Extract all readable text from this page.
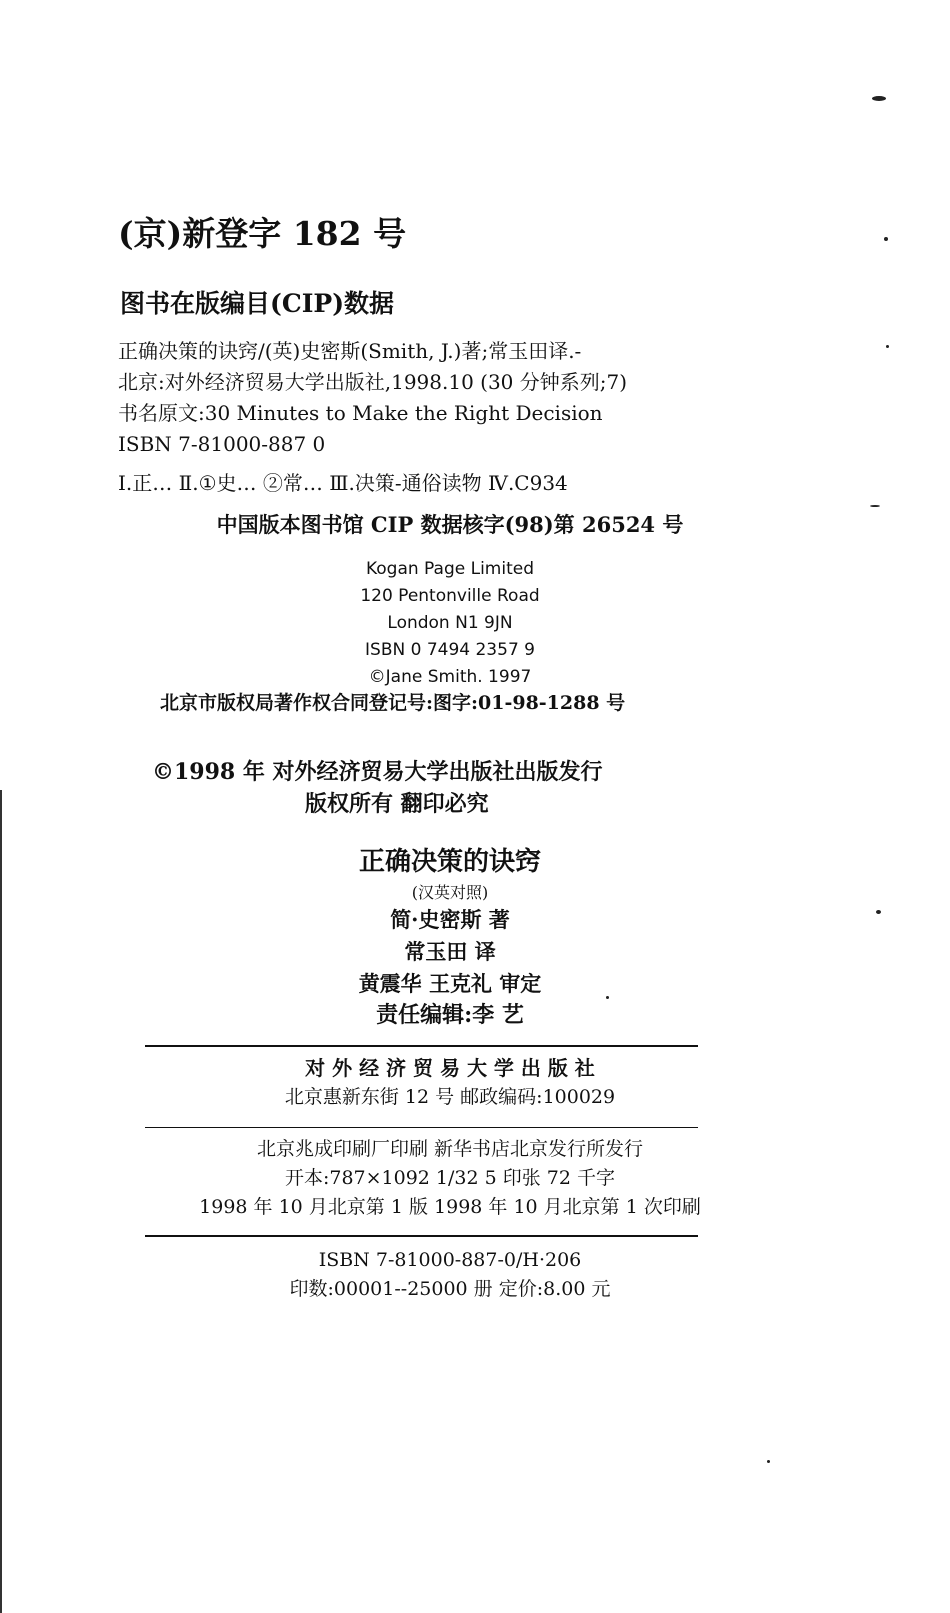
(京)新登字 182 号
图书在版编目(CIP)数据
正确决策的诀窍/(英)史密斯(Smith, J.)著;常玉田译.-
北京:对外经济贸易大学出版社,1998.10 (30 分钟系列;7)
书名原文:30 Minutes to Make the Right Decision
ISBN 7-81000-887 0
Ⅰ.正… Ⅱ.①史… ②常… Ⅲ.决策-通俗读物 Ⅳ.C934
中国版本图书馆 CIP 数据核字(98)第 26524 号
Kogan Page Limited
120 Pentonville Road
London N1 9JN
ISBN 0 7494 2357 9
©Jane Smith. 1997
北京市版权局著作权合同登记号:图字:01-98-1288 号
©1998 年 对外经济贸易大学出版社出版发行
版权所有 翻印必究
正确决策的诀窍
(汉英对照)
简·史密斯 著
常玉田 译
黄震华 王克礼 审定
责任编辑:李 艺
对 外 经 济 贸 易 大 学 出 版 社
北京惠新东街 12 号 邮政编码:100029
北京兆成印刷厂印刷 新华书店北京发行所发行
开本:787×1092 1/32 5 印张 72 千字
1998 年 10 月北京第 1 版 1998 年 10 月北京第 1 次印刷
ISBN 7-81000-887-0/H·206
印数:00001--25000 册 定价:8.00 元
